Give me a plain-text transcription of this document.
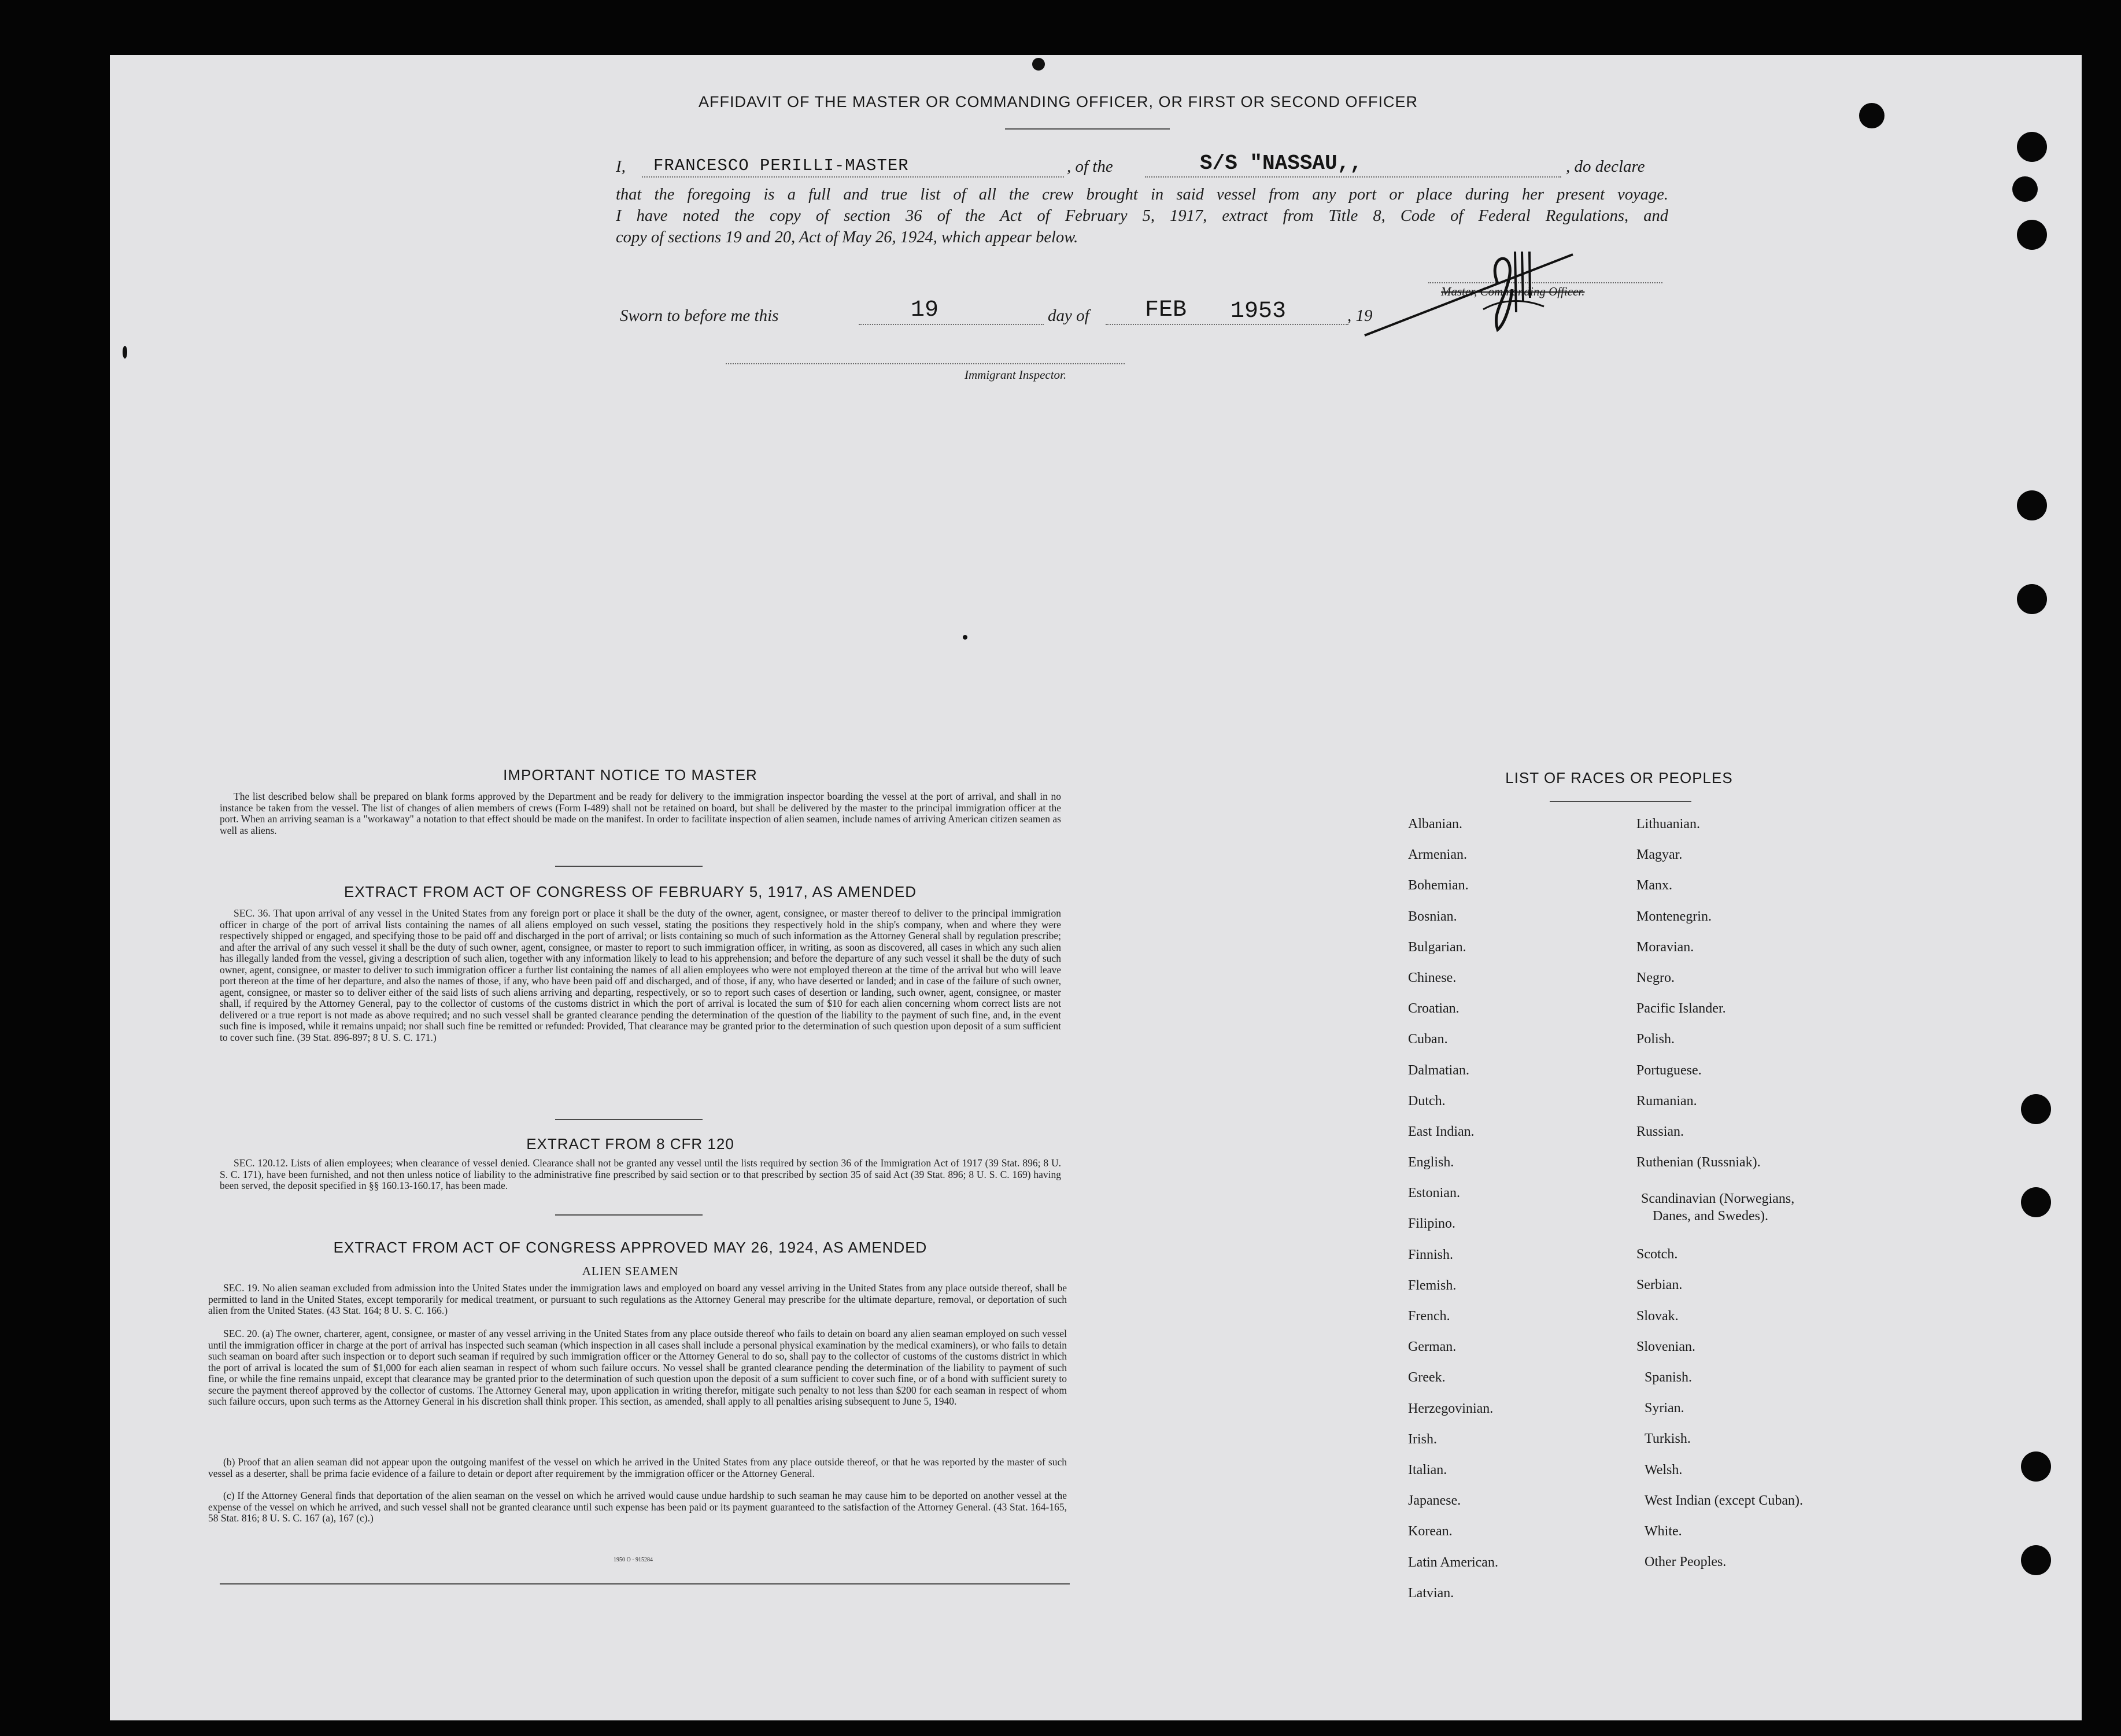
AFFIDAVIT OF THE MASTER OR COMMANDING OFFICER, OR FIRST OR SECOND OFFICER
I, FRANCESCO PERILLI-MASTER	, of the	S/S "NASSAU,,	, do declare
that the foregoing is a full and true list of all the crew brought in said vessel from any port or place during her present voyage.
I have noted the copy of section 36 of the Act of February 5, 1917, extract from Title 8, Code of Federal Regulations, and
copy of sections 19 and 20, Act of May 26, 1924, which appear below.
Master, Commanding Officer.
Sworn to before me this	19	day of FEB 1953	, 19
Immigrant Inspector.
IMPORTANT NOTICE TO MASTER
The list described below shall be prepared on blank forms approved by the Department and be ready for delivery to the immigration inspector boarding the vessel at the port of arrival, and shall in no instance be taken from the vessel. The list of changes of alien members of crews (Form I-489) shall not be retained on board, but shall be delivered by the master to the principal immigration officer at the port. When an arriving seaman is a "workaway" a notation to that effect should be made on the manifest. In order to facilitate inspection of alien seamen, include names of arriving American citizen seamen as well as aliens.
EXTRACT FROM ACT OF CONGRESS OF FEBRUARY 5, 1917, AS AMENDED
SEC. 36. That upon arrival of any vessel in the United States from any foreign port or place it shall be the duty of the owner, agent, consignee, or master thereof to deliver to the principal immigration officer in charge of the port of arrival lists containing the names of all aliens employed on such vessel, stating the positions they respectively hold in the ship's company, when and where they were respectively shipped or engaged, and specifying those to be paid off and discharged in the port of arrival; or lists containing so much of such information as the Attorney General shall by regulation prescribe; and after the arrival of any such vessel it shall be the duty of such owner, agent, consignee, or master to report to such immigration officer, in writing, as soon as discovered, all cases in which any such alien has illegally landed from the vessel, giving a description of such alien, together with any information likely to lead to his apprehension; and before the departure of any such vessel it shall be the duty of such owner, agent, consignee, or master to deliver to such immigration officer a further list containing the names of all alien employees who were not employed thereon at the time of the arrival but who will leave port thereon at the time of her departure, and also the names of those, if any, who have been paid off and discharged, and of those, if any, who have deserted or landed; and in case of the failure of such owner, agent, consignee, or master so to deliver either of the said lists of such aliens arriving and departing, respectively, or so to report such cases of desertion or landing, such owner, agent, consignee, or master shall, if required by the Attorney General, pay to the collector of customs of the customs district in which the port of arrival is located the sum of $10 for each alien concerning whom correct lists are not delivered or a true report is not made as above required; and no such vessel shall be granted clearance pending the determination of the question of the liability to the payment of such fine, and, in the event such fine is imposed, while it remains unpaid; nor shall such fine be remitted or refunded: Provided, That clearance may be granted prior to the determination of such question upon deposit of a sum sufficient to cover such fine. (39 Stat. 896-897; 8 U. S. C. 171.)
EXTRACT FROM 8 CFR 120
SEC. 120.12. Lists of alien employees; when clearance of vessel denied. Clearance shall not be granted any vessel until the lists required by section 36 of the Immigration Act of 1917 (39 Stat. 896; 8 U. S. C. 171), have been furnished, and not then unless notice of liability to the administrative fine prescribed by said section or to that prescribed by section 35 of said Act (39 Stat. 896; 8 U. S. C. 169) having been served, the deposit specified in §§ 160.13-160.17, has been made.
EXTRACT FROM ACT OF CONGRESS APPROVED MAY 26, 1924, AS AMENDED
ALIEN SEAMEN
SEC. 19. No alien seaman excluded from admission into the United States under the immigration laws and employed on board any vessel arriving in the United States from any place outside thereof, shall be permitted to land in the United States, except temporarily for medical treatment, or pursuant to such regulations as the Attorney General may prescribe for the ultimate departure, removal, or deportation of such alien from the United States. (43 Stat. 164; 8 U. S. C. 166.)
SEC. 20. (a) The owner, charterer, agent, consignee, or master of any vessel arriving in the United States from any place outside thereof who fails to detain on board any alien seaman employed on such vessel until the immigration officer in charge at the port of arrival has inspected such seaman (which inspection in all cases shall include a personal physical examination by the medical examiners), or who fails to detain such seaman on board after such inspection or to deport such seaman if required by such immigration officer or the Attorney General to do so, shall pay to the collector of customs of the customs district in which the port of arrival is located the sum of $1,000 for each alien seaman in respect of whom such failure occurs. No vessel shall be granted clearance pending the determination of the liability to payment of such fine, or while the fine remains unpaid, except that clearance may be granted prior to the determination of such question upon the deposit of a sum sufficient to cover such fine, or of a bond with sufficient surety to secure the payment thereof approved by the collector of customs. The Attorney General may, upon application in writing therefor, mitigate such penalty to not less than $200 for each seaman in respect of whom such failure occurs, upon such terms as the Attorney General in his discretion shall think proper. This section, as amended, shall apply to all penalties arising subsequent to June 5, 1940.
(b) Proof that an alien seaman did not appear upon the outgoing manifest of the vessel on which he arrived in the United States from any place outside thereof, or that he was reported by the master of such vessel as a deserter, shall be prima facie evidence of a failure to detain or deport after requirement by the immigration officer or the Attorney General.
(c) If the Attorney General finds that deportation of the alien seaman on the vessel on which he arrived would cause undue hardship to such seaman he may cause him to be deported on another vessel at the expense of the vessel on which he arrived, and such vessel shall not be granted clearance until such expense has been paid or its payment guaranteed to the satisfaction of the Attorney General. (43 Stat. 164-165, 58 Stat. 816; 8 U. S. C. 167 (a), 167 (c).)
1950 O - 915284
LIST OF RACES OR PEOPLES
Albanian.
Armenian.
Bohemian.
Bosnian.
Bulgarian.
Chinese.
Croatian.
Cuban.
Dalmatian.
Dutch.
East Indian.
English.
Estonian.
Filipino.
Finnish.
Flemish.
French.
German.
Greek.
Herzegovinian.
Irish.
Italian.
Japanese.
Korean.
Latin American.
Latvian.
Lithuanian.
Magyar.
Manx.
Montenegrin.
Moravian.
Negro.
Pacific Islander.
Polish.
Portuguese.
Rumanian.
Russian.
Ruthenian (Russniak).
Scandinavian (Norwegians,
Danes, and Swedes).
Scotch.
Serbian.
Slovak.
Slovenian.
Spanish.
Syrian.
Turkish.
Welsh.
West Indian (except Cuban).
White.
Other Peoples.
